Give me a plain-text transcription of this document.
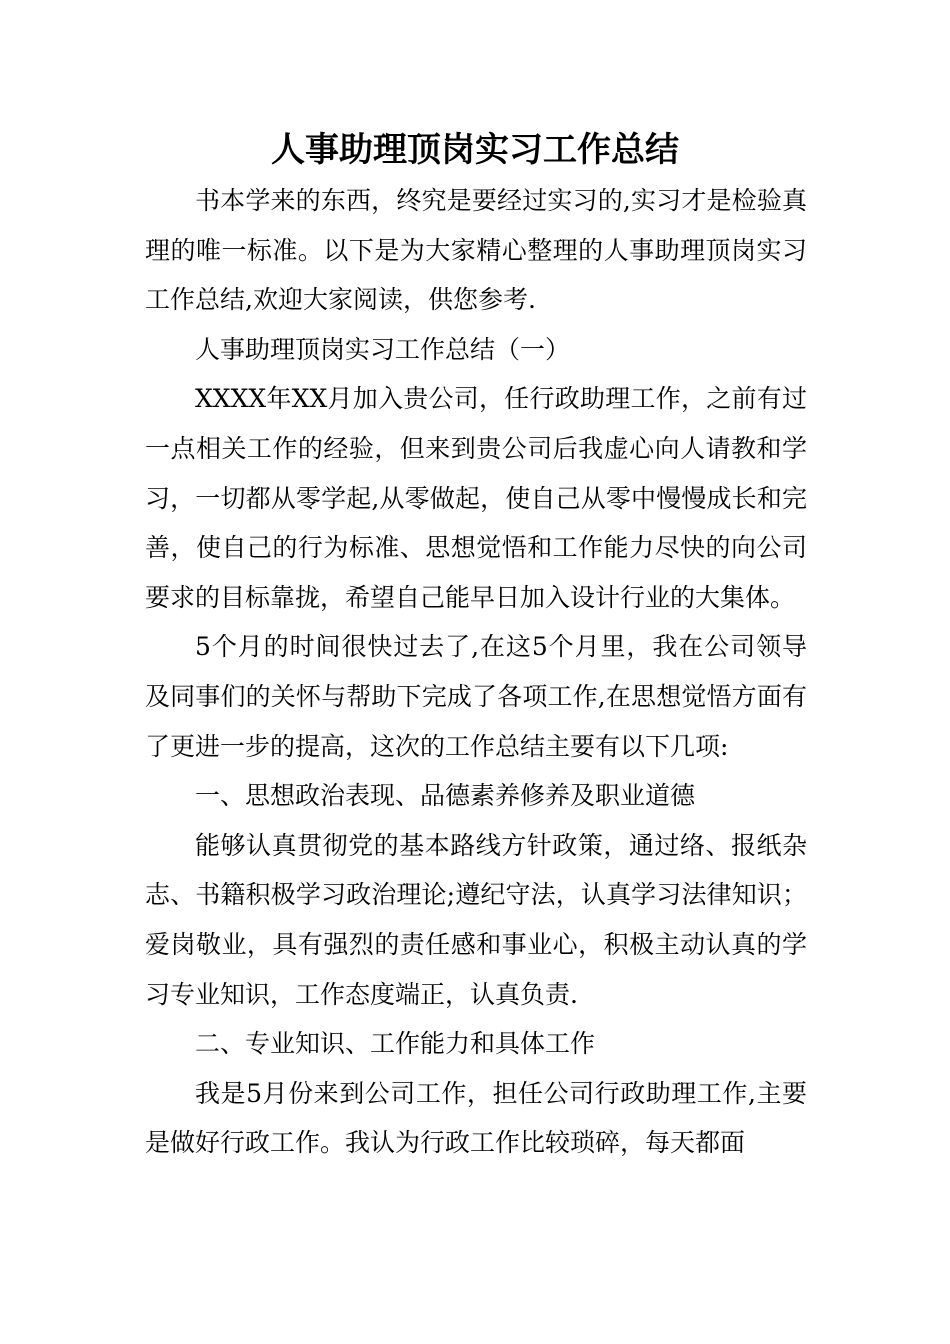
人事助理顶岗实习工作总结

书本学来的东西，终究是要经过实习的,实习才是检验真理的唯一标准。以下是为大家精心整理的人事助理顶岗实习工作总结,欢迎大家阅读，供您参考.

人事助理顶岗实习工作总结（一）

XXXX年XX月加入贵公司，任行政助理工作，之前有过一点相关工作的经验，但来到贵公司后我虚心向人请教和学习，一切都从零学起,从零做起，使自己从零中慢慢成长和完善，使自己的行为标准、思想觉悟和工作能力尽快的向公司要求的目标靠拢，希望自己能早日加入设计行业的大集体。

5个月的时间很快过去了,在这5个月里，我在公司领导及同事们的关怀与帮助下完成了各项工作,在思想觉悟方面有了更进一步的提高，这次的工作总结主要有以下几项:

一、思想政治表现、品德素养修养及职业道德

能够认真贯彻党的基本路线方针政策，通过络、报纸杂志、书籍积极学习政治理论;遵纪守法，认真学习法律知识；爱岗敬业，具有强烈的责任感和事业心，积极主动认真的学习专业知识，工作态度端正，认真负责.

二、专业知识、工作能力和具体工作

我是5月份来到公司工作，担任公司行政助理工作,主要是做好行政工作。我认为行政工作比较琐碎，每天都面
